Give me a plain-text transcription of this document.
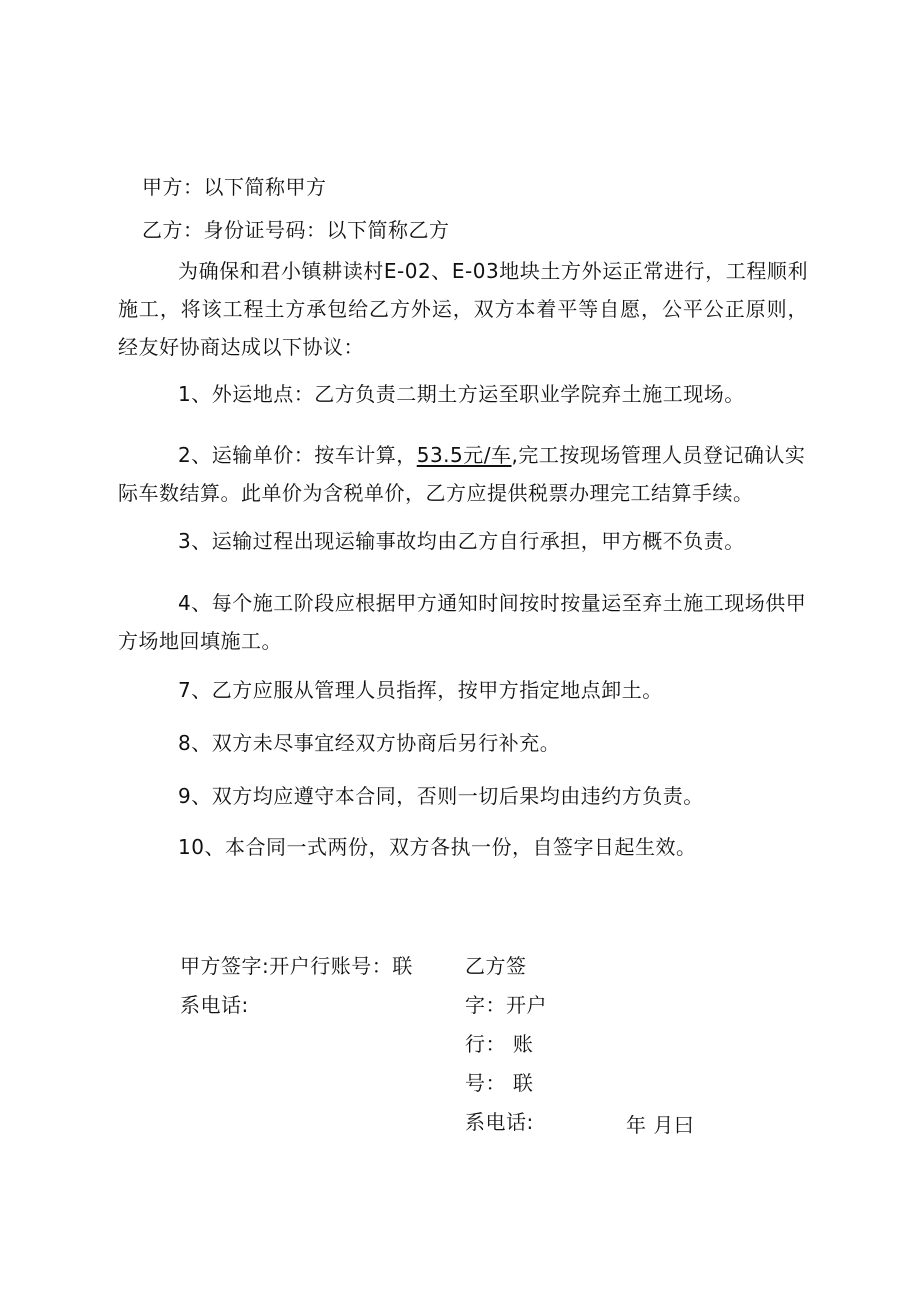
甲方：以下简称甲方
乙方：身份证号码：以下简称乙方
为确保和君小镇耕读村E-02、E-03地块土方外运正常进行，工程顺利施工，将该工程土方承包给乙方外运，双方本着平等自愿，公平公正原则，经友好协商达成以下协议：
1、外运地点：乙方负责二期土方运至职业学院弃土施工现场。
2、运输单价：按车计算，53.5元/车,完工按现场管理人员登记确认实际车数结算。此单价为含税单价，乙方应提供税票办理完工结算手续。
3、运输过程出现运输事故均由乙方自行承担，甲方概不负责。
4、每个施工阶段应根据甲方通知时间按时按量运至弃土施工现场供甲方场地回填施工。
7、乙方应服从管理人员指挥，按甲方指定地点卸土。
8、双方未尽事宜经双方协商后另行补充。
9、双方均应遵守本合同，否则一切后果均由违约方负责。
10、本合同一式两份，双方各执一份，自签字日起生效。
甲方签字:开户行账号：联
系电话:
乙方签
字：开户
行： 账
号： 联
系电话:	年 月曰
